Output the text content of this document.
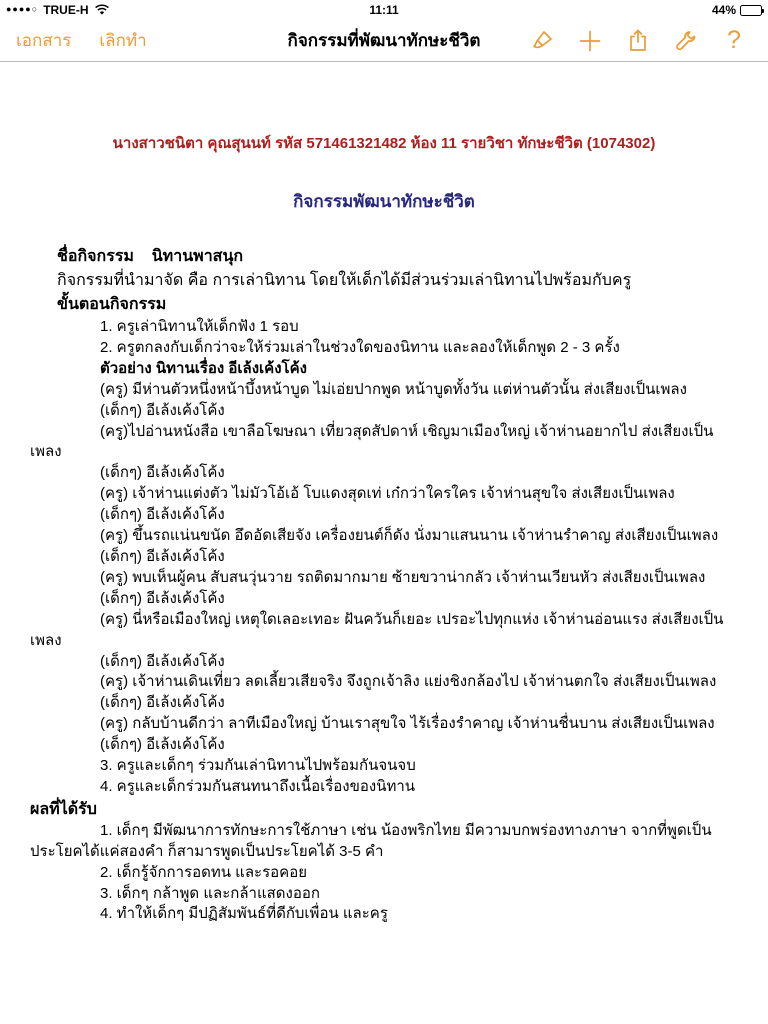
●●●●○ TRUE-H	11:11	44%
เอกสาร เลิกทำ	กิจกรรมที่พัฒนาทักษะชีวิต	?
นางสาวชนิตา คุณสุนนท์ รหัส 571461321482 ห้อง 11 รายวิชา ทักษะชีวิต (1074302)
กิจกรรมพัฒนาทักษะชีวิต
ชื่อกิจกรรม    นิทานพาสนุก
กิจกรรมที่นำมาจัด คือ การเล่านิทาน โดยให้เด็กได้มีส่วนร่วมเล่านิทานไปพร้อมกับครู
ขั้นตอนกิจกรรม
1. ครูเล่านิทานให้เด็กฟัง 1 รอบ
2. ครูตกลงกับเด็กว่าจะให้ร่วมเล่าในช่วงใดของนิทาน และลองให้เด็กพูด 2 - 3 ครั้ง
ตัวอย่าง นิทานเรื่อง อีเล้งเค้งโค้ง
(ครู) มีห่านตัวหนึ่งหน้าบึ้งหน้าบูด ไม่เอ่ยปากพูด หน้าบูดทั้งวัน แต่ห่านตัวนั้น ส่งเสียงเป็นเพลง
(เด็กๆ) อีเล้งเค้งโค้ง
(ครู)ไปอ่านหนังสือ เขาลือโฆษณา เที่ยวสุดสัปดาห์ เชิญมาเมืองใหญ่ เจ้าห่านอยากไป ส่งเสียงเป็น
เพลง
(เด็กๆ) อีเล้งเค้งโค้ง
(ครู) เจ้าห่านแต่งตัว ไม่มัวโอ้เอ้ โบแดงสุดเท่ เก๋กว่าใครใคร เจ้าห่านสุขใจ ส่งเสียงเป็นเพลง
(เด็กๆ) อีเล้งเค้งโค้ง
(ครู) ขึ้นรถแน่นขนัด อึดอัดเสียจัง เครื่องยนต์ก็ดัง นั่งมาแสนนาน เจ้าห่านรำคาญ ส่งเสียงเป็นเพลง
(เด็กๆ) อีเล้งเค้งโค้ง
(ครู) พบเห็นผู้คน สับสนวุ่นวาย รถติดมากมาย ซ้ายขวาน่ากลัว เจ้าห่านเวียนหัว ส่งเสียงเป็นเพลง
(เด็กๆ) อีเล้งเค้งโค้ง
(ครู) นี่หรือเมืองใหญ่ เหตุใดเลอะเทอะ ฝันควันก็เยอะ เปรอะไปทุกแห่ง เจ้าห่านอ่อนแรง ส่งเสียงเป็น
เพลง
(เด็กๆ) อีเล้งเค้งโค้ง
(ครู) เจ้าห่านเดินเที่ยว ลดเลี้ยวเสียจริง จึงถูกเจ้าลิง แย่งชิงกล้องไป เจ้าห่านตกใจ ส่งเสียงเป็นเพลง
(เด็กๆ) อีเล้งเค้งโค้ง
(ครู) กลับบ้านดีกว่า ลาทีเมืองใหญ่ บ้านเราสุขใจ ไร้เรื่องรำคาญ เจ้าห่านชื่นบาน ส่งเสียงเป็นเพลง
(เด็กๆ) อีเล้งเค้งโค้ง
3. ครูและเด็กๆ ร่วมกันเล่านิทานไปพร้อมกันจนจบ
4. ครูและเด็กร่วมกันสนทนาถึงเนื้อเรื่องของนิทาน
ผลที่ได้รับ
1. เด็กๆ มีพัฒนาการทักษะการใช้ภาษา เช่น น้องพริกไทย มีความบกพร่องทางภาษา จากที่พูดเป็น
ประโยคได้แค่สองคำ ก็สามารพูดเป็นประโยคได้ 3-5 คำ
2. เด็กรู้จักการอดทน และรอคอย
3. เด็กๆ กล้าพูด และกล้าแสดงออก
4. ทำให้เด็กๆ มีปฏิสัมพันธ์ที่ดีกับเพื่อน และครู
